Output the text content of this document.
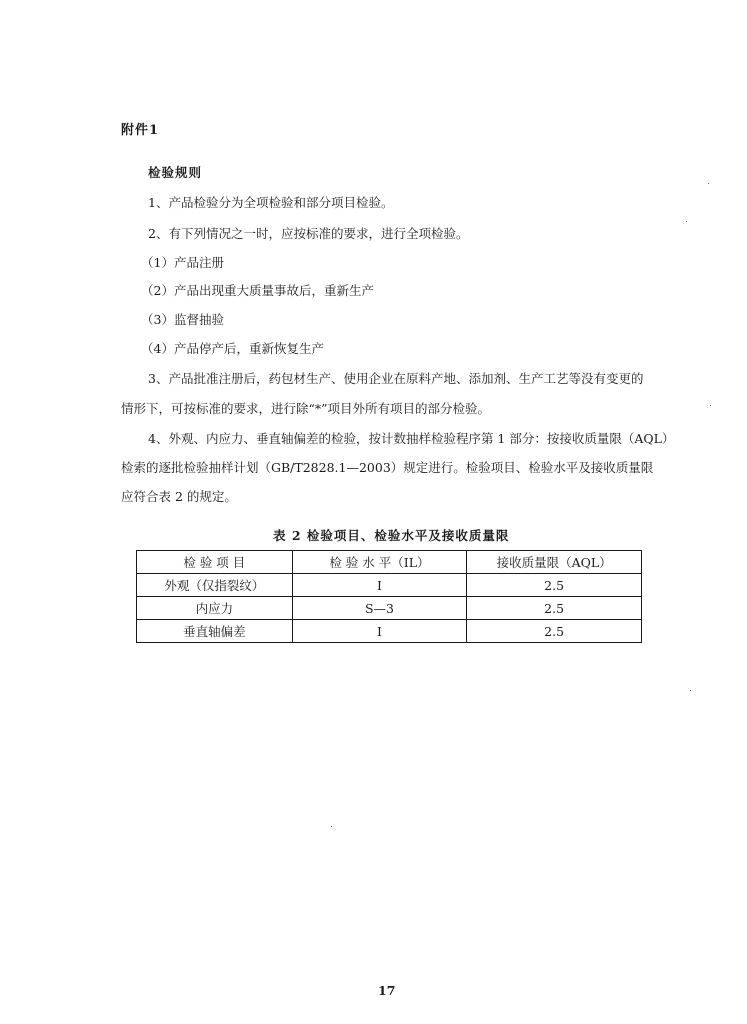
附件1
检验规则
1、产品检验分为全项检验和部分项目检验。
2、有下列情况之一时，应按标准的要求，进行全项检验。
（1）产品注册
（2）产品出现重大质量事故后，重新生产
（3）监督抽验
（4）产品停产后，重新恢复生产
3、产品批准注册后，药包材生产、使用企业在原料产地、添加剂、生产工艺等没有变更的
情形下，可按标准的要求，进行除“*”项目外所有项目的部分检验。
4、外观、内应力、垂直轴偏差的检验，按计数抽样检验程序第 1 部分：按接收质量限（AQL）
检索的逐批检验抽样计划（GB/T2828.1—2003）规定进行。检验项目、检验水平及接收质量限
应符合表 2 的规定。
表 2 检验项目、检验水平及接收质量限
检 验 项 目	检 验 水 平（IL）	接收质量限（AQL）
外观（仅指裂纹）	I	2.5
内应力	S—3	2.5
垂直轴偏差	I	2.5
17
